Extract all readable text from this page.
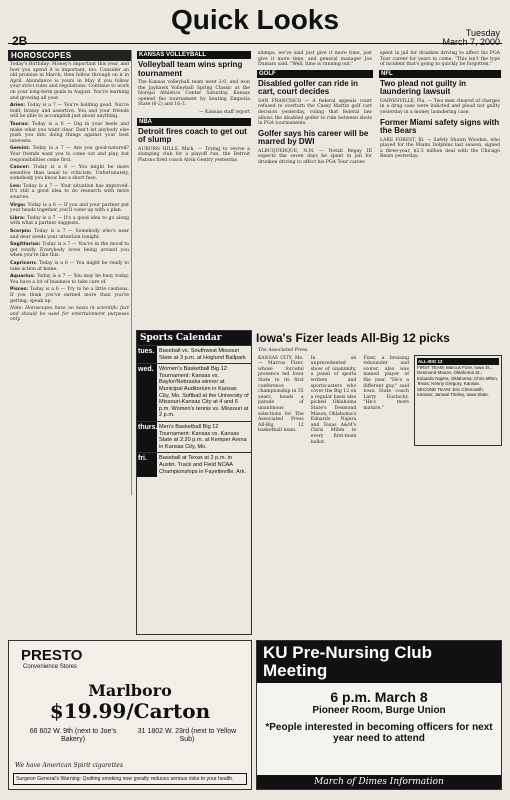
2B
Quick Looks	Tuesday
March 7, 2000
HOROSCOPES
Today's Birthday: Money's important this year, and how you spend it is important, too. Consider an old promise in March; then follow through on it in April. Abundance is yours in May if you follow your strict rules and regulations. Continue to work on your long-term goals in August. You're learning and growing all year.
Aries: Today is a 7 — You're holding good. You're bold, brassy and assertive. You and your friends will be able to accomplish just about anything.
Taurus: Today is a 6 — Dig in your heels and make what you want clear. Don't let anybody else push you into doing things against your best interests.
Gemini: Today is a 7 — Are you good-natured? Your friends want you to come out and play, but responsibilities come first.
Cancer: Today is a 6 — You might be more sensitive than usual to criticism. Unfortunately, somebody you know has a short fuse.
Leo: Today is a 7 — Your situation has improved. It's still a good idea to do research with more sources.
Virgo: Today is a 6 — If you and your partner put your heads together, you'll come up with a plan.
Libra: Today is a 7 — It's a good idea to go along with what a partner suggests.
Scorpio: Today is a 7 — Somebody who's near and dear needs your attention tonight.
Sagittarius: Today is a 7 — You're in the mood to get rowdy. Everybody loves being around you when you're like this.
Capricorn: Today is a 6 — You might be ready to take action at home.
Aquarius: Today is a 7 — You may be busy today. You have a lot of business to take care of.
Pisces: Today is a 6 — Try to be a little cautious. If you think you've earned more than you're getting, speak up.
Note: Horoscopes have no basis in scientific fact and should be used for entertainment purposes only.
KANSAS VOLLEYBALL
Volleyball team wins spring tournament
The Kansas volleyball team went 2-0, and won the Jayhawk Volleyball Spring Classic at the Horejsi Athletics Center Saturday. Kansas opened the tournament by beating Emporia State (6-2) and 16-3.
— Kansan staff report
NBA
Detroit fires coach to get out of slump
AUBURN HILLS, Mich. — Trying to revive a slumping club for a playoff run, the Detroit Pistons fired coach Alvin Gentry yesterday.
slumps, we've said just give it more time, just give it more time, and general manager Joe Dumars said. "Well, time is running out."
GOLF
Disabled golfer can ride in cart, court decides
SAN FRANCISCO — A federal appeals court refused to overturn the Casey Martin golf cart decision yesterday, ruling that federal law allows the disabled golfer to ride between shots in PGA tournaments.
Golfer says his career will be marred by DWI
ALBUQUERQUE, N.M. — Notah Begay III expects the seven days he spent in jail for drunken driving to affect his PGA Tour career.
spent in jail for drunken driving to affect his PGA Tour career for years to come. "This isn't the type of incident that's going to quickly be forgotten."
NFL
Two plead not guilty in laundering lawsuit
GAINESVILLE, Fla. — Two men cleared of charges in a drug case were indicted and plead not guilty yesterday in a money laundering case.
Former Miami safety signs with the Bears
LAKE FOREST, Ill. — Safety Shawn Wooden, who played for the Miami Dolphins last season, signed a three-year, $2.5 million deal with the Chicago Bears yesterday.
Sports Calendar
tues. Baseball vs. Southwest Missouri State at 3 p.m. at Hoglund Ballpark
wed. Women's Basketball Big 12 Tournament: Kansas vs. Baylor/Nebraska winner at Municipal Auditorium in Kansas City, Mo. Softball at the University of Missouri-Kansas City at 4 and 6 p.m. Women's tennis vs. Missouri at 2 p.m.
thurs. Men's Basketball Big 12 Tournament: Kansas vs. Kansas State at 2:20 p.m. at Kemper Arena in Kansas City, Mo.
fri.	Baseball at Texas at 2 p.m. in Austin. Track and Field NCAA Championships in Fayetteville, Ark.
Iowa's Fizer leads All-Big 12 picks
The Associated Press
KANSAS CITY, Mo. — Marcus Fizer, whose forceful presence led Iowa State to its first conference championship in 55 years, heads a parade of unanimous selections for The Associated Press All-Big 12 basketball team.
In an unprecedented show of unanimity, a panel of sports writers and sportscasters who cover the Big 12 on a regular basis also picked Oklahoma State's Desmond Mason, Oklahoma's Eduardo Najera and Texas A&M's Chris Mihm to every first-team ballot.
Fizer, a bruising rebounder and scorer, also was named player of the year. "He's a different guy," said Iowa State coach Larry Eustachy. "He's more mature."
ALL-BIG 12
FIRST TEAM: Marcus Fizer, Iowa St.; Desmond Mason, Oklahoma St.; Eduardo Najera, Oklahoma; Chris Mihm, Texas; Kenny Gregory, Kansas. SECOND TEAM: Eric Chenowith, Kansas; Jamaal Tinsley, Iowa State.
PRESTO
Convenience Stores
Marlboro
$19.99/Carton
66 602 W. 9th (next to Joe's Bakery)
31 1802 W. 23rd (next to Yellow Sub)
We have American Spirit cigarettes
Surgeon General's Warning: Quitting smoking now greatly reduces serious risks to your health.
KU Pre-Nursing Club Meeting
6 p.m. March 8
Pioneer Room, Burge Union
*People interested in becoming officers for next year need to attend
March of Dimes Information
